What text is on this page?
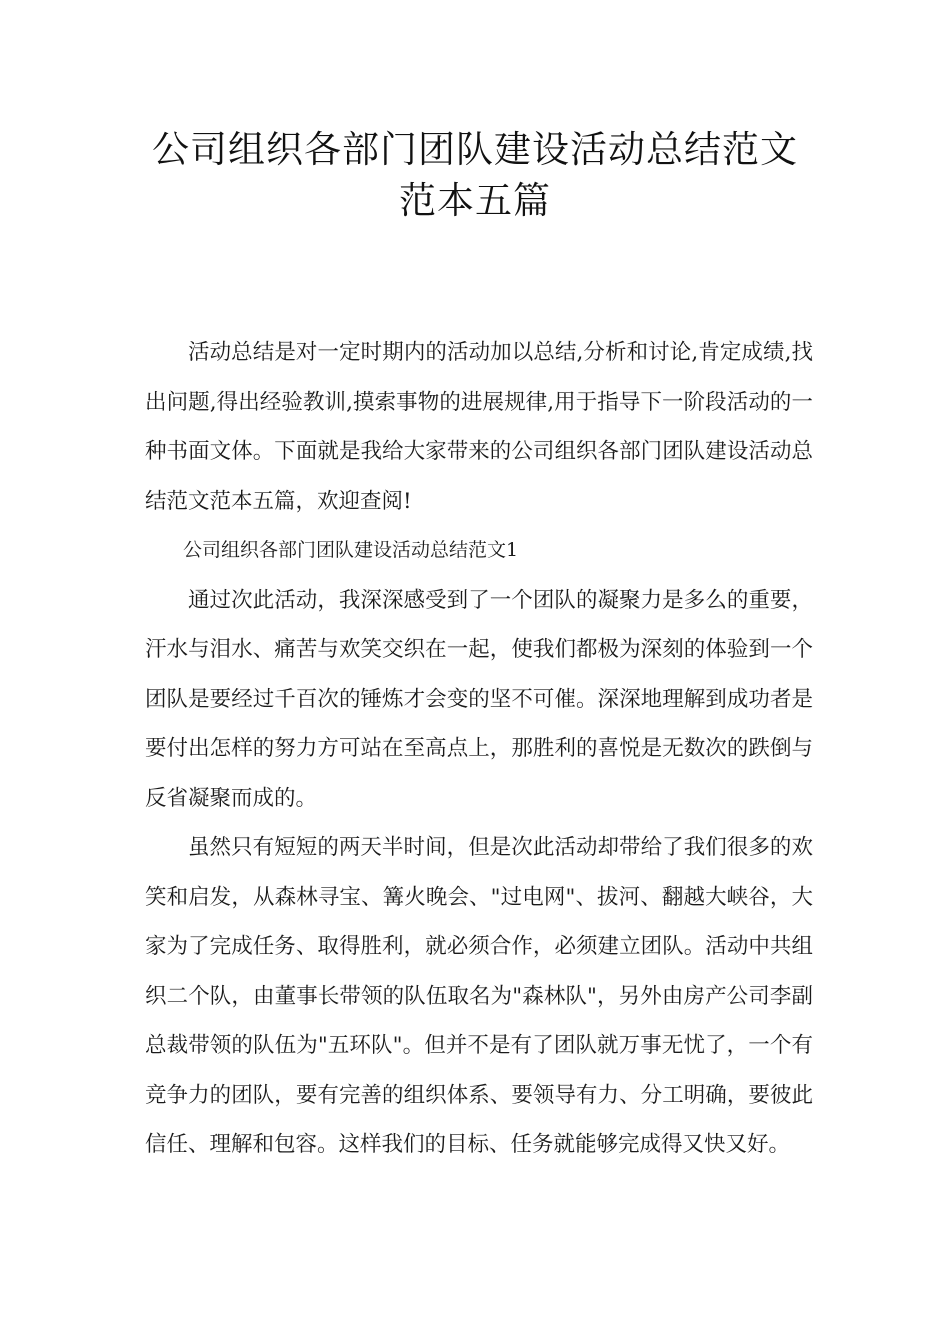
公司组织各部门团队建设活动总结范文
范本五篇

活动总结是对一定时期内的活动加以总结,分析和讨论,肯定成绩,找出问题,得出经验教训,摸索事物的进展规律,用于指导下一阶段活动的一种书面文体。下面就是我给大家带来的公司组织各部门团队建设活动总结范文范本五篇，欢迎查阅!

公司组织各部门团队建设活动总结范文1

通过次此活动，我深深感受到了一个团队的凝聚力是多么的重要，汗水与泪水、痛苦与欢笑交织在一起，使我们都极为深刻的体验到一个团队是要经过千百次的锤炼才会变的坚不可催。深深地理解到成功者是要付出怎样的努力方可站在至高点上，那胜利的喜悦是无数次的跌倒与反省凝聚而成的。

虽然只有短短的两天半时间，但是次此活动却带给了我们很多的欢笑和启发，从森林寻宝、篝火晚会、"过电网"、拔河、翻越大峡谷，大家为了完成任务、取得胜利，就必须合作，必须建立团队。活动中共组织二个队，由董事长带领的队伍取名为"森林队"，另外由房产公司李副总裁带领的队伍为"五环队"。但并不是有了团队就万事无忧了，一个有竞争力的团队，要有完善的组织体系、要领导有力、分工明确，要彼此信任、理解和包容。这样我们的目标、任务就能够完成得又快又好。
